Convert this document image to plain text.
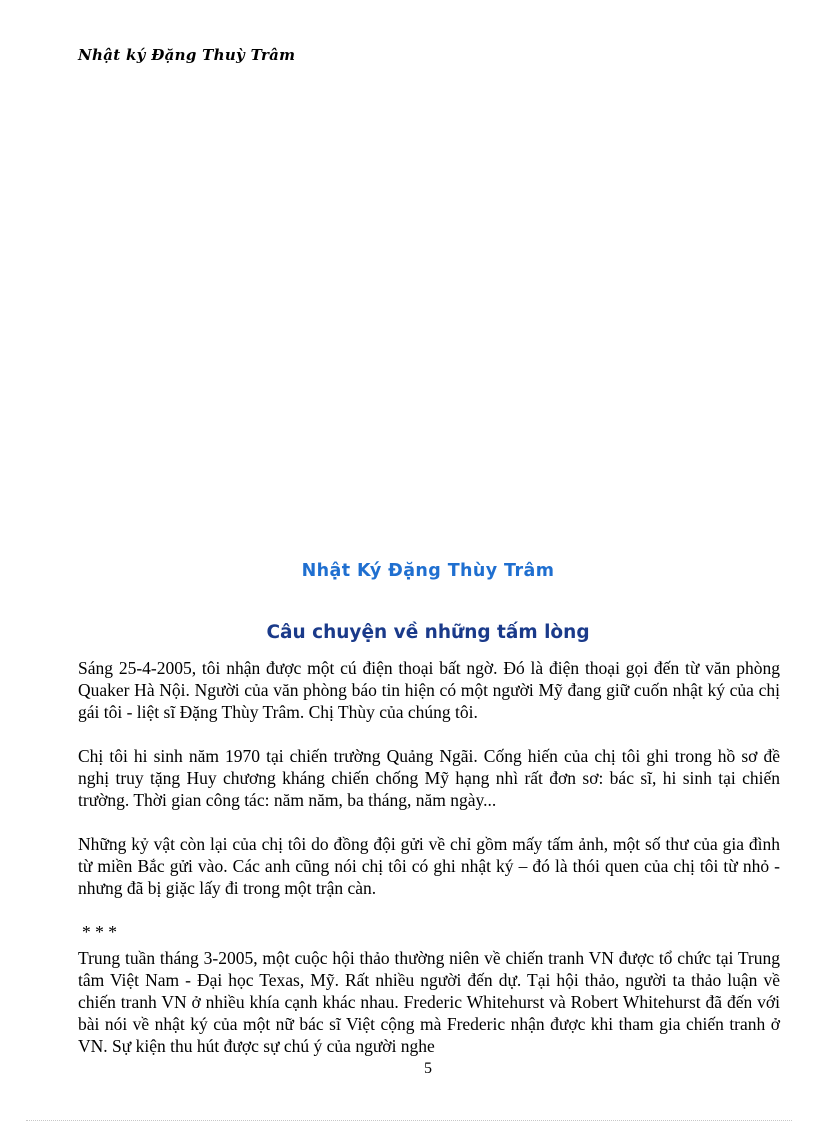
Nhật ký Đặng Thuỳ Trâm
Nhật Ký Đặng Thùy Trâm
Câu chuyện về những tấm lòng

Sáng 25-4-2005, tôi nhận được một cú điện thoại bất ngờ. Đó là điện thoại gọi đến từ văn phòng Quaker Hà Nội. Người của văn phòng báo tin hiện có một người Mỹ đang giữ cuốn nhật ký của chị gái tôi - liệt sĩ Đặng Thùy Trâm. Chị Thùy của chúng tôi.

Chị tôi hi sinh năm 1970 tại chiến trường Quảng Ngãi. Cống hiến của chị tôi ghi trong hồ sơ đề nghị truy tặng Huy chương kháng chiến chống Mỹ hạng nhì rất đơn sơ: bác sĩ, hi sinh tại chiến trường. Thời gian công tác: năm năm, ba tháng, năm ngày...

Những kỷ vật còn lại của chị tôi do đồng đội gửi về chỉ gồm mấy tấm ảnh, một số thư của gia đình từ miền Bắc gửi vào. Các anh cũng nói chị tôi có ghi nhật ký – đó là thói quen của chị tôi từ nhỏ - nhưng đã bị giặc lấy đi trong một trận càn.

* * *

Trung tuần tháng 3-2005, một cuộc hội thảo thường niên về chiến tranh VN được tổ chức tại Trung tâm Việt Nam - Đại học Texas, Mỹ. Rất nhiều người đến dự. Tại hội thảo, người ta thảo luận về chiến tranh VN ở nhiều khía cạnh khác nhau. Frederic Whitehurst và Robert Whitehurst đã đến với bài nói về nhật ký của một nữ bác sĩ Việt cộng mà Frederic nhận được khi tham gia chiến tranh ở VN. Sự kiện thu hút được sự chú ý của người nghe

5
